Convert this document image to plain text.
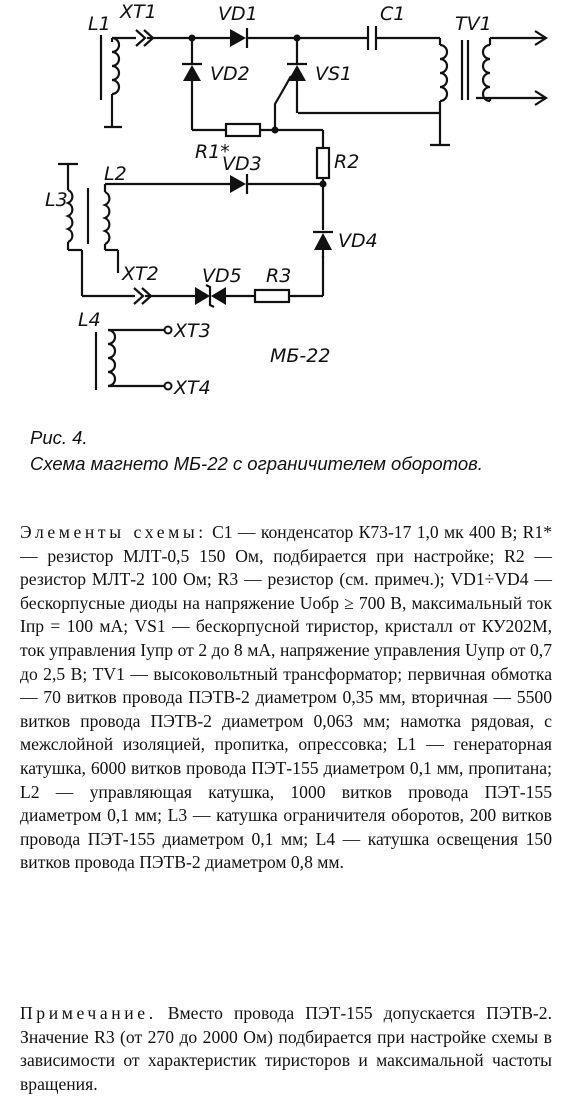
L1
XT1	VD1	C1	TV1
VD2	VS1
R1*	R2
VD3
L2
L3
XT2 VD5 R3
VD4
L4	XT3
XT4
МБ-22
Рис. 4.
Схема магнето МБ-22 с ограничителем оборотов.
Элементы схемы: C1 — конденсатор К73-17 1,0 мк 400 В; R1* — резистор МЛТ-0,5 150 Ом, подбирается при настройке; R2 — резистор МЛТ-2 100 Ом; R3 — резистор (см. примеч.); VD1÷VD4 — бескорпусные диоды на напряжение Uобр ≥ 700 В, максимальный ток Iпр = 100 мА; VS1 — бескорпусной тиристор, кристалл от КУ202М, ток управления Iупр от 2 до 8 мА, напряжение управления Uупр от 0,7 до 2,5 В; TV1 — высоковольтный трансформатор; первичная обмотка — 70 витков провода ПЭТВ-2 диаметром 0,35 мм, вторичная — 5500 витков провода ПЭТВ-2 диаметром 0,063 мм; намотка рядовая, с межслойной изоляцией, пропитка, опрессовка; L1 — генераторная катушка, 6000 витков провода ПЭТ-155 диаметром 0,1 мм, пропитана; L2 — управляющая катушка, 1000 витков провода ПЭТ-155 диаметром 0,1 мм; L3 — катушка ограничителя оборотов, 200 витков провода ПЭТ-155 диаметром 0,1 мм; L4 — катушка освещения 150 витков провода ПЭТВ-2 диаметром 0,8 мм.
Примечание. Вместо провода ПЭТ-155 допускается ПЭТВ-2. Значение R3 (от 270 до 2000 Ом) подбирается при настройке схемы в зависимости от характеристик тиристоров и максимальной частоты вращения.
